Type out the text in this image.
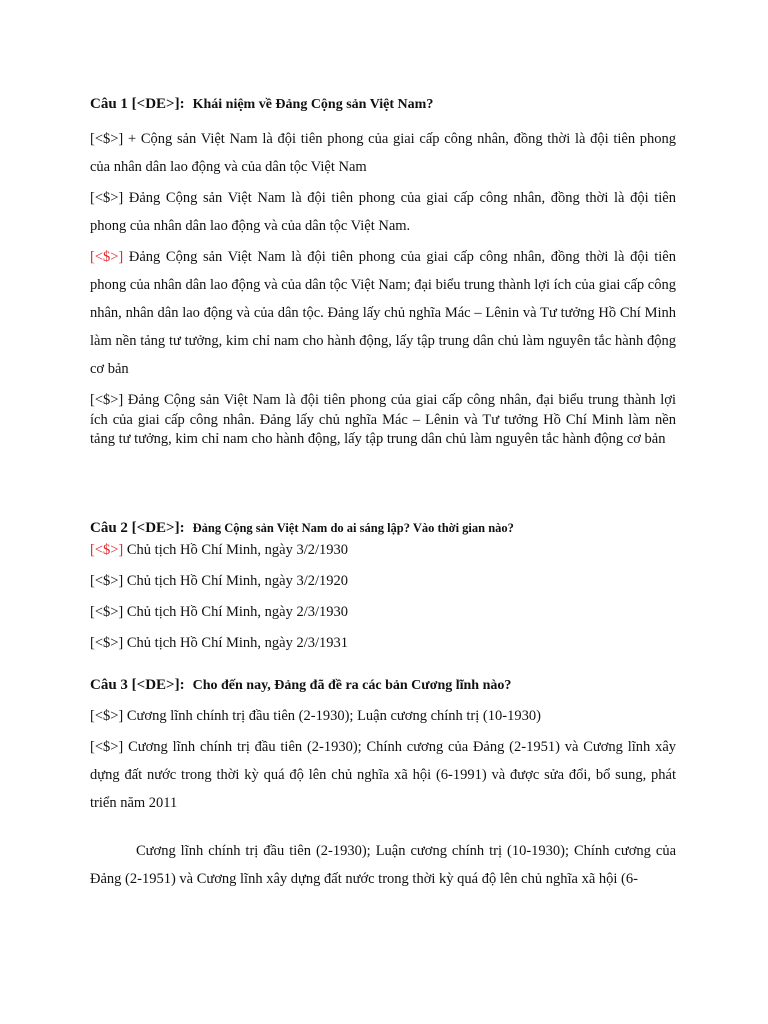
Câu 1 [<DE>]: Khái niệm về Đảng Cộng sản Việt Nam?

[<$>] + Cộng sản Việt Nam là đội tiên phong của giai cấp công nhân, đồng thời là đội tiên phong của nhân dân lao động và của dân tộc Việt Nam

[<$>] Đảng Cộng sản Việt Nam là đội tiên phong của giai cấp công nhân, đồng thời là đội tiên phong của nhân dân lao động và của dân tộc Việt Nam.

[<$>] Đảng Cộng sản Việt Nam là đội tiên phong của giai cấp công nhân, đồng thời là đội tiên phong của nhân dân lao động và của dân tộc Việt Nam; đại biểu trung thành lợi ích của giai cấp công nhân, nhân dân lao động và của dân tộc. Đảng lấy chủ nghĩa Mác – Lênin và Tư tưởng Hồ Chí Minh làm nền tảng tư tưởng, kim chỉ nam cho hành động, lấy tập trung dân chủ làm nguyên tắc hành động cơ bản

[<$>] Đảng Cộng sản Việt Nam là đội tiên phong của giai cấp công nhân, đại biểu trung thành lợi ích của giai cấp công nhân. Đảng lấy chủ nghĩa Mác – Lênin và Tư tưởng Hồ Chí Minh làm nền tảng tư tưởng, kim chỉ nam cho hành động, lấy tập trung dân chủ làm nguyên tắc hành động cơ bản

Câu 2 [<DE>]: Đảng Cộng sản Việt Nam do ai sáng lập? Vào thời gian nào?

[<$>] Chủ tịch Hồ Chí Minh, ngày 3/2/1930

[<$>] Chủ tịch Hồ Chí Minh, ngày 3/2/1920

[<$>] Chủ tịch Hồ Chí Minh, ngày 2/3/1930

[<$>] Chủ tịch Hồ Chí Minh, ngày 2/3/1931

Câu 3 [<DE>]: Cho đến nay, Đảng đã đề ra các bản Cương lĩnh nào?

[<$>] Cương lĩnh chính trị đầu tiên (2-1930); Luận cương chính trị (10-1930)

[<$>] Cương lĩnh chính trị đầu tiên (2-1930); Chính cương của Đảng (2-1951) và Cương lĩnh xây dựng đất nước trong thời kỳ quá độ lên chủ nghĩa xã hội (6-1991) và được sửa đổi, bổ sung, phát triển năm 2011

Cương lĩnh chính trị đầu tiên (2-1930); Luận cương chính trị (10-1930); Chính cương của Đảng (2-1951) và Cương lĩnh xây dựng đất nước trong thời kỳ quá độ lên chủ nghĩa xã hội (6-
